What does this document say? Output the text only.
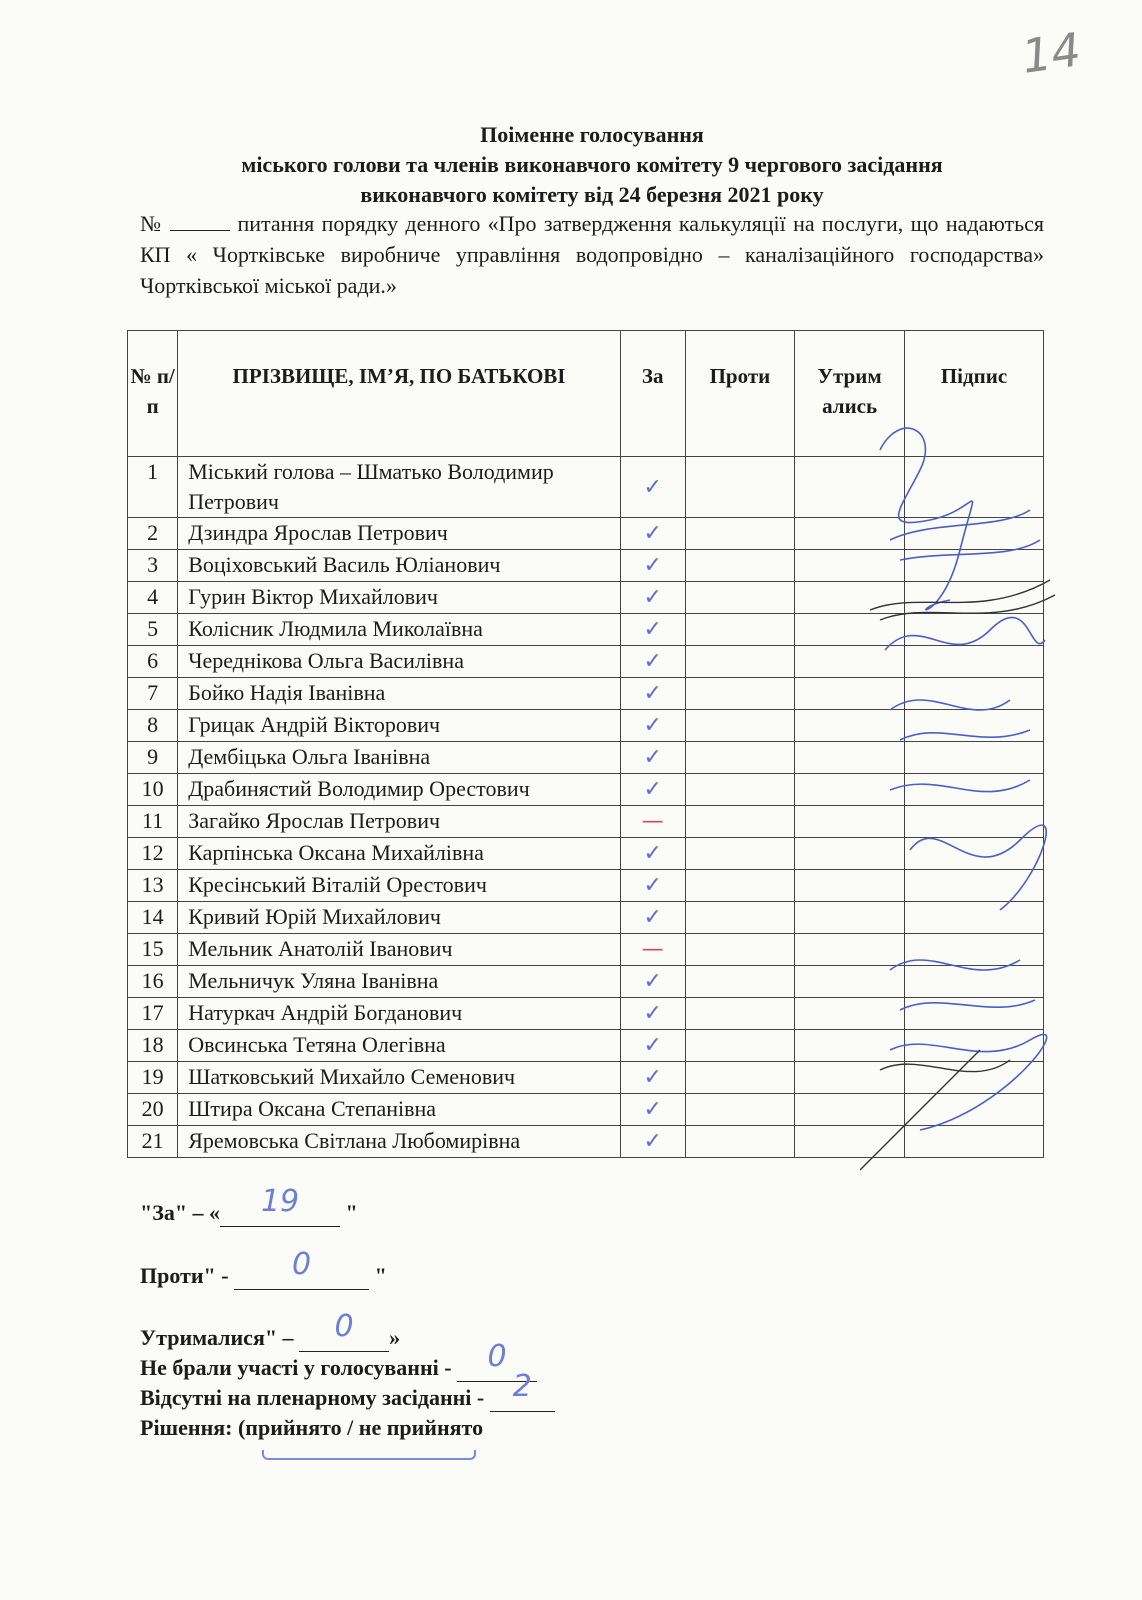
14
Поіменне голосування
міського голови та членів виконавчого комітету 9 чергового засідання
виконавчого комітету від 24 березня 2021 року
№	питання порядку денного «Про затвердження калькуляції на послуги, що надаються КП « Чортківське виробниче управління водопровідно – каналізаційного господарства» Чортківської міської ради.»
№ п/п	ПРІЗВИЩЕ, ІМ’Я, ПО БАТЬКОВІ	За	Проти	Утрим ались	Підпис
1	Міський голова – Шматько Володимир Петрович	✓			
2	Дзиндра Ярослав Петрович	✓			
3	Воціховський Василь Юліанович	✓			
4	Гурин Віктор Михайлович	✓			
5	Колісник Людмила Миколаївна	✓			
6	Череднікова Ольга Василівна	✓			
7	Бойко Надія Іванівна	✓			
8	Грицак Андрій Вікторович	✓			
9	Дембіцька Ольга Іванівна	✓			
10	Драбинястий Володимир Орестович	✓			
11	Загайко Ярослав Петрович	—			
12	Карпінська Оксана Михайлівна	✓			
13	Кресінський Віталій Орестович	✓			
14	Кривий Юрій Михайлович	✓			
15	Мельник Анатолій Іванович	—			
16	Мельничук Уляна Іванівна	✓			
17	Натуркач Андрій Богданович	✓			
18	Овсинська Тетяна Олегівна	✓			
19	Шатковський Михайло Семенович	✓			
20	Штира Оксана Степанівна	✓			
21	Яремовська Світлана Любомирівна	✓			
"За" – «	19	"
Проти" -	0	"
Утрималися" –	0	»
Не брали участі у голосуванні -	0

Відсутні на пленарному засіданні - 2

Рішення: (прийнято / не прийнято
